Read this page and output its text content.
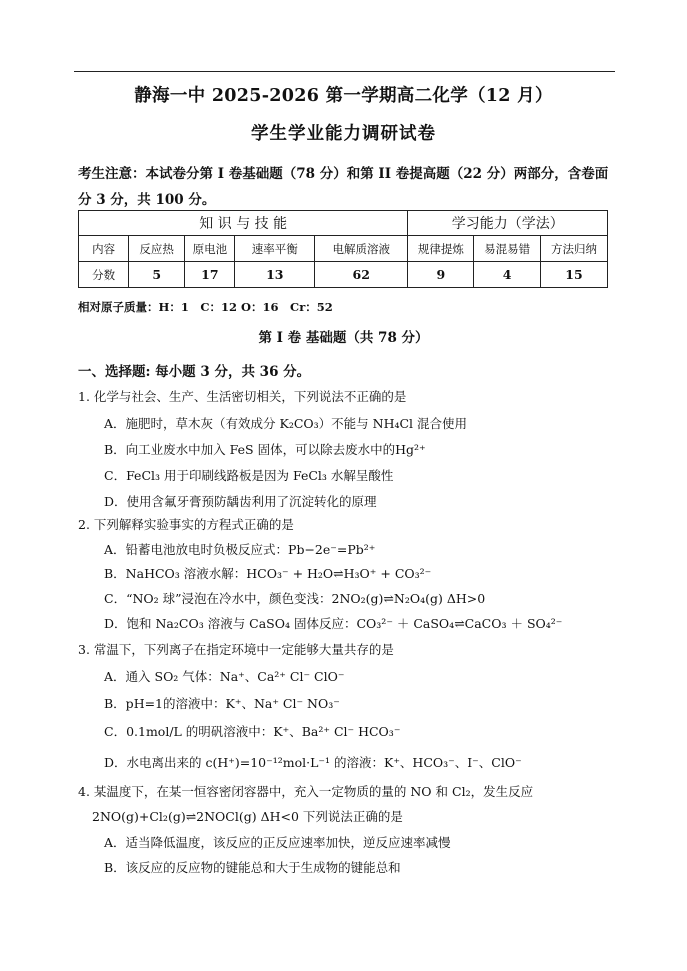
静海一中 2025-2026 第一学期高二化学（12 月）
学生学业能力调研试卷
考生注意：本试卷分第 I 卷基础题（78 分）和第 II 卷提高题（22 分）两部分，含卷面分 3 分，共 100 分。
知 识 与 技 能					学习能力（学法）		
内容	反应热	原电池	速率平衡	电解质溶液	规律提炼	易混易错	方法归纳
分数	5	17	13	62	9	4	15
相对原子质量：H：1　C：12 O：16　Cr：52
第 I 卷 基础题（共 78 分）
一、选择题: 每小题 3 分，共 36 分。
1. 化学与社会、生产、生活密切相关，下列说法不正确的是
A．施肥时，草木灰（有效成分 K₂CO₃）不能与 NH₄Cl 混合使用
B．向工业废水中加入 FeS 固体，可以除去废水中的Hg²⁺
C．FeCl₃ 用于印刷线路板是因为 FeCl₃ 水解呈酸性
D．使用含氟牙膏预防龋齿利用了沉淀转化的原理
2. 下列解释实验事实的方程式正确的是
A．铅蓄电池放电时负极反应式：Pb−2e⁻=Pb²⁺
B．NaHCO₃ 溶液水解：HCO₃⁻ + H₂O⇌H₃O⁺ + CO₃²⁻
C．“NO₂ 球”浸泡在冷水中，颜色变浅：2NO₂(g)⇌N₂O₄(g) ΔH>0
D．饱和 Na₂CO₃ 溶液与 CaSO₄ 固体反应：CO₃²⁻ ＋ CaSO₄⇌CaCO₃ ＋ SO₄²⁻
3. 常温下，下列离子在指定环境中一定能够大量共存的是
A．通入 SO₂ 气体：Na⁺、Ca²⁺ Cl⁻ ClO⁻
B．pH=1的溶液中：K⁺、Na⁺ Cl⁻ NO₃⁻
C．0.1mol/L 的明矾溶液中：K⁺、Ba²⁺ Cl⁻ HCO₃⁻
D．水电离出来的 c(H⁺)=10⁻¹²mol·L⁻¹ 的溶液：K⁺、HCO₃⁻、I⁻、ClO⁻
4. 某温度下，在某一恒容密闭容器中，充入一定物质的量的 NO 和 Cl₂，发生反应
2NO(g)+Cl₂(g)⇌2NOCl(g) ΔH<0 下列说法正确的是
A．适当降低温度，该反应的正反应速率加快，逆反应速率减慢
B．该反应的反应物的键能总和大于生成物的键能总和
